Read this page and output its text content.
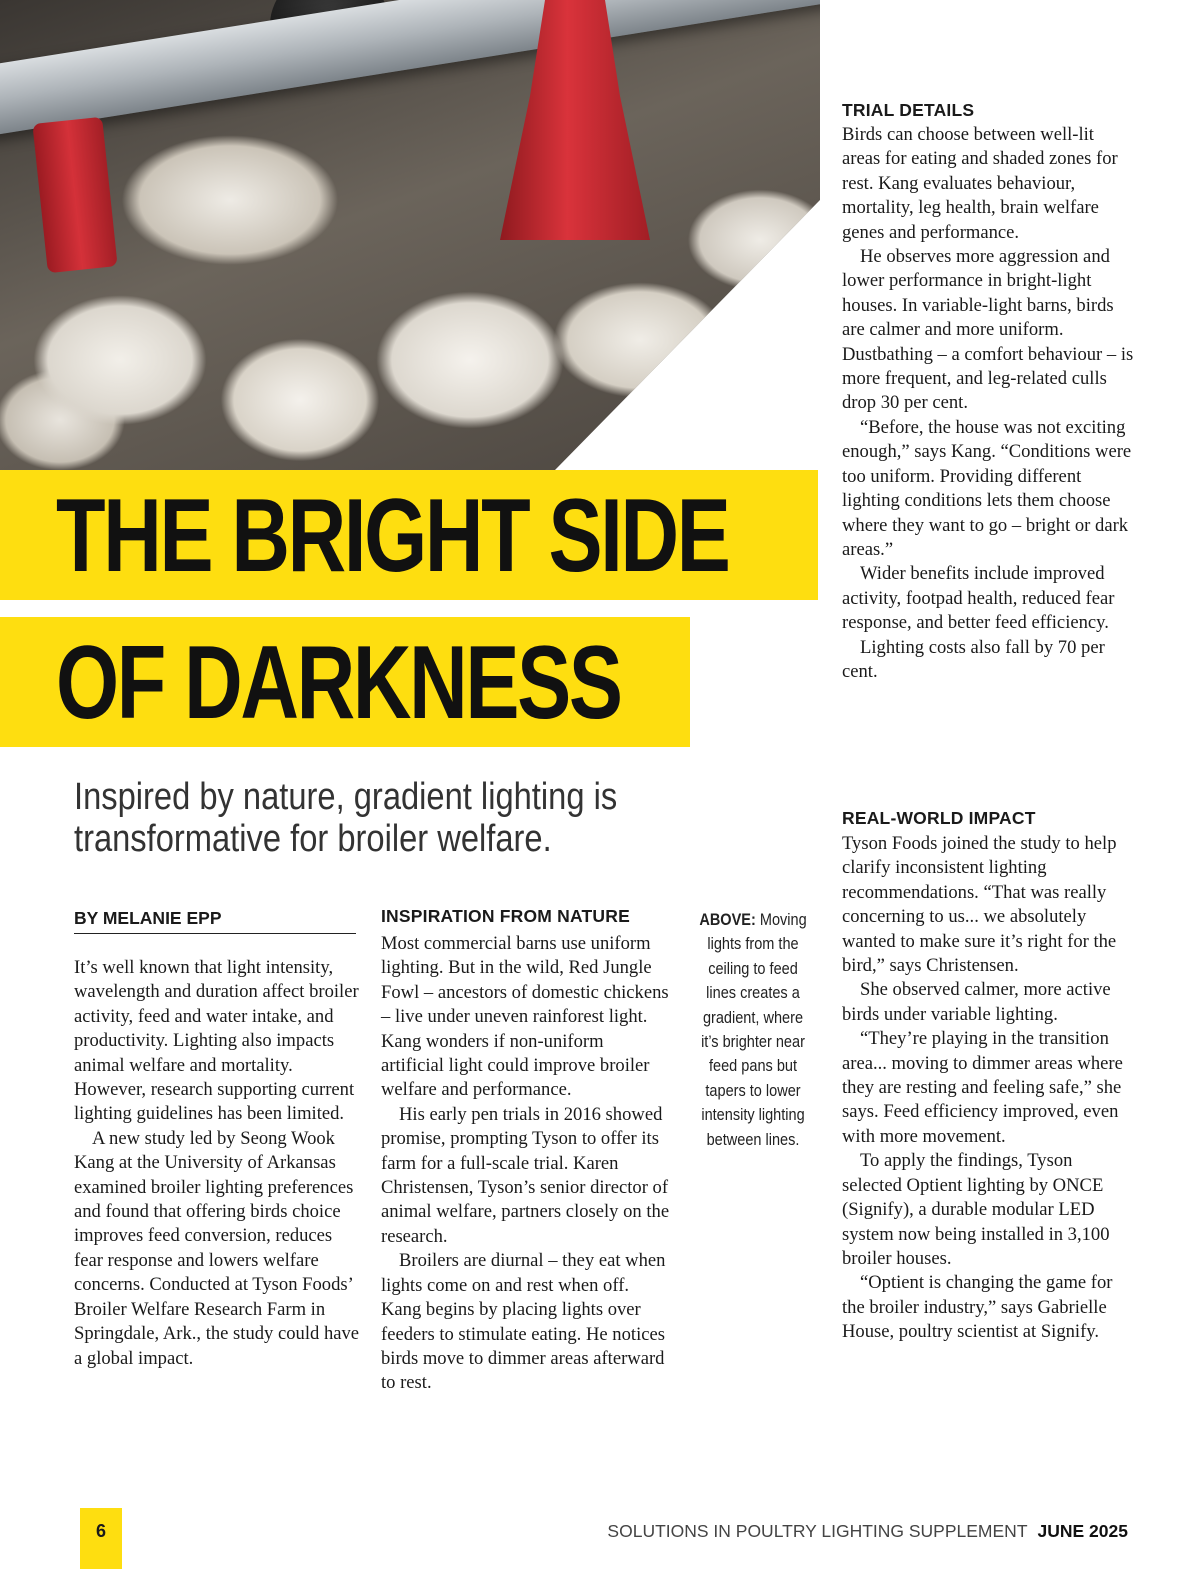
THE BRIGHT SIDE
OF DARKNESS
Inspired by nature, gradient lighting is transformative for broiler welfare.
BY MELANIE EPP

It’s well known that light intensity, wavelength and duration affect broiler activity, feed and water intake, and productivity. Lighting also impacts animal welfare and mortality. However, research supporting current lighting guidelines has been limited.

A new study led by Seong Wook Kang at the University of Arkansas examined broiler lighting preferences and found that offering birds choice improves feed conversion, reduces fear response and lowers welfare concerns. Conducted at Tyson Foods’ Broiler Welfare Research Farm in Springdale, Ark., the study could have a global impact.

INSPIRATION FROM NATURE

Most commercial barns use uniform lighting. But in the wild, Red Jungle Fowl – ancestors of domestic chickens – live under uneven rainforest light. Kang wonders if non-uniform artificial light could improve broiler welfare and performance.

His early pen trials in 2016 showed promise, prompting Tyson to offer its farm for a full-scale trial. Karen Christensen, Tyson’s senior director of animal welfare, partners closely on the research.

Broilers are diurnal – they eat when lights come on and rest when off. Kang begins by placing lights over feeders to stimulate eating. He notices birds move to dimmer areas afterward to rest.

ABOVE: Moving lights from the ceiling to feed lines creates a gradient, where it’s brighter near feed pans but tapers to lower intensity lighting between lines.
TRIAL DETAILS

Birds can choose between well-lit areas for eating and shaded zones for rest. Kang evaluates behaviour, mortality, leg health, brain welfare genes and performance.

He observes more aggression and lower performance in bright-light houses. In variable-light barns, birds are calmer and more uniform. Dustbathing – a comfort behaviour – is more frequent, and leg-related culls drop 30 per cent.

“Before, the house was not exciting enough,” says Kang. “Conditions were too uniform. Providing different lighting conditions lets them choose where they want to go – bright or dark areas.”

Wider benefits include improved activity, footpad health, reduced fear response, and better feed efficiency.

Lighting costs also fall by 70 per cent.

REAL-WORLD IMPACT

Tyson Foods joined the study to help clarify inconsistent lighting recommendations. “That was really concerning to us... we absolutely wanted to make sure it’s right for the bird,” says Christensen.

She observed calmer, more active birds under variable lighting.

“They’re playing in the transition area... moving to dimmer areas where they are resting and feeling safe,” she says. Feed efficiency improved, even with more movement.

To apply the findings, Tyson selected Optient lighting by ONCE (Signify), a durable modular LED system now being installed in 3,100 broiler houses.

“Optient is changing the game for the broiler industry,” says Gabrielle House, poultry scientist at Signify.

6	SOLUTIONS IN POULTRY LIGHTING SUPPLEMENT JUNE 2025
